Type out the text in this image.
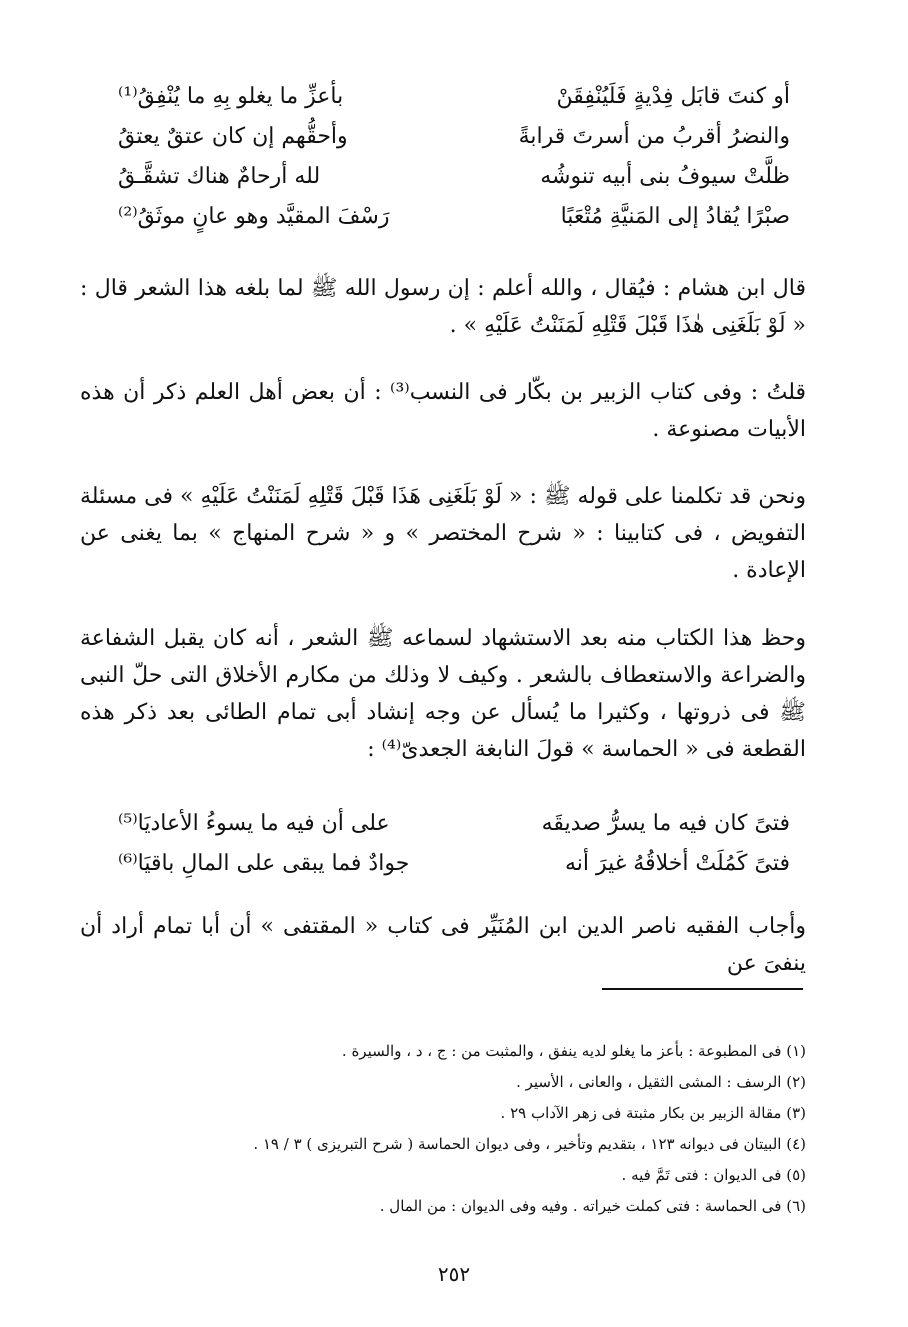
أو كنتَ قابَل فِدْيةٍ فَلَيُنْفِقَنْ
بأعزِّ ما يغلو بِهِ ما يُنْفِقُ⁽¹⁾
والنضرُ أقربُ من أسرتَ قرابةً
وأحقُّهم إن كان عتقٌ يعتقُ
ظلَّتْ سيوفُ بنى أبيه تنوشُه
لله أرحامٌ هناك تشقَّـقُ
صبْرًا يُقادُ إلى المَنيَّةِ مُتْعَبًا
رَسْفَ المقيَّد وهو عانٍ موثَقُ⁽²⁾

قال ابن هشام : فيُقال ، والله أعلم : إن رسول الله ﷺ لما بلغه هذا الشعر قال : « لَوْ بَلَغَنِى هٰذَا قَبْلَ قَتْلِهِ لَمَنَنْتُ عَلَيْهِ » .

قلتُ : وفى كتاب الزبير بن بكّار فى النسب⁽³⁾ : أن بعض أهل العلم ذكر أن هذه الأبيات مصنوعة .

ونحن قد تكلمنا على قوله ﷺ : « لَوْ بَلَغَنِى هَذَا قَبْلَ قَتْلِهِ لَمَنَنْتُ عَلَيْهِ » فى مسئلة التفويض ، فى كتابينا : « شرح المختصر » و « شرح المنهاج » بما يغنى عن الإعادة .

وحظ هذا الكتاب منه بعد الاستشهاد لسماعه ﷺ الشعر ، أنه كان يقبل الشفاعة والضراعة والاستعطاف بالشعر . وكيف لا وذلك من مكارم الأخلاق التى حلّ النبى ﷺ فى ذروتها ، وكثيرا ما يُسأل عن وجه إنشاد أبى تمام الطائى بعد ذكر هذه القطعة فى « الحماسة » قولَ النابغة الجعدىّ⁽⁴⁾ :

فتىً كان فيه ما يسرُّ صديقَه
على أن فيه ما يسوءُ الأعاديَا⁽⁵⁾
فتىً كَمُلَتْ أخلاقُهُ غيرَ أنه
جوادٌ فما يبقى على المالِ باقيَا⁽⁶⁾

وأجاب الفقيه ناصر الدين ابن المُنَيِّر فى كتاب « المقتفى » أن أبا تمام أراد أن ينفىَ عن

(١) فى المطبوعة : بأعز ما يغلو لديه ينفق ، والمثبت من : ج ، د ، والسيرة .
(٢) الرسف : المشى الثقيل ، والعانى ، الأسير .
(٣) مقالة الزبير بن بكار مثبتة فى زهر الآداب ٢٩ .
(٤) البيتان فى ديوانه ١٢٣ ، بتقديم وتأخير ، وفى ديوان الحماسة ( شرح التبريزى ) ٣ / ١٩ .
(٥) فى الديوان : فتى تَمَّ فيه .
(٦) فى الحماسة : فتى كملت خيراته . وفيه وفى الديوان : من المال .
٢٥٢
